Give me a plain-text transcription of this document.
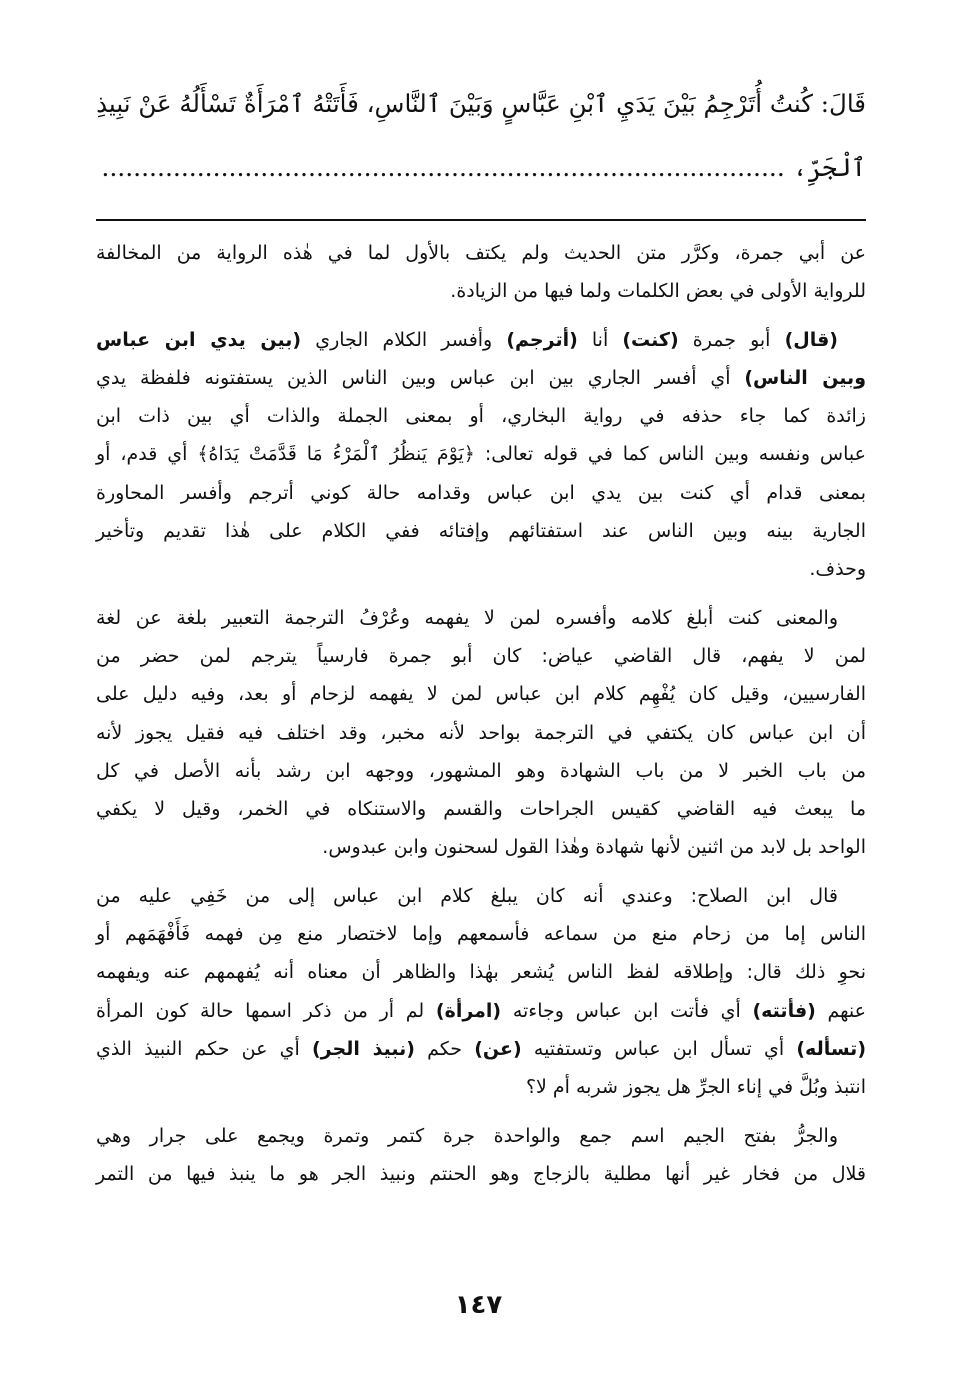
قَالَ: كُنتُ أُتَرْجِمُ بَيْنَ يَدَيِ ٱبْنِ عَبَّاسٍ وَبَيْنَ ٱلنَّاسِ، فَأَتَتْهُ ٱمْرَأَةٌ تَسْأَلُهُ عَنْ نَبِيذِ
ٱلْجَرِّ، ......................................................................................
عن أبي جمرة، وكرَّر متن الحديث ولم يكتف بالأول لما في هٰذه الرواية من المخالفة
للرواية الأولى في بعض الكلمات ولما فيها من الزيادة.
(قال) أبو جمرة (كنت) أنا (أترجم) وأفسر الكلام الجاري (بين يدي ابن عباس
وبين الناس) أي أفسر الجاري بين ابن عباس وبين الناس الذين يستفتونه فلفظة يدي
زائدة كما جاء حذفه في رواية البخاري، أو بمعنى الجملة والذات أي بين ذات ابن
عباس ونفسه وبين الناس كما في قوله تعالى: ﴿يَوْمَ يَنظُرُ ٱلْمَرْءُ مَا قَدَّمَتْ يَدَاهُ﴾ أي قدم، أو
بمعنى قدام أي كنت بين يدي ابن عباس وقدامه حالة كوني أترجم وأفسر المحاورة
الجارية بينه وبين الناس عند استفتائهم وإفتائه ففي الكلام على هٰذا تقديم وتأخير
وحذف.
والمعنى كنت أبلغ كلامه وأفسره لمن لا يفهمه وعُرْفُ الترجمة التعبير بلغة عن لغة
لمن لا يفهم، قال القاضي عياض: كان أبو جمرة فارسياً يترجم لمن حضر من
الفارسيين، وقيل كان يُفْهِم كلام ابن عباس لمن لا يفهمه لزحام أو بعد، وفيه دليل على
أن ابن عباس كان يكتفي في الترجمة بواحد لأنه مخبر، وقد اختلف فيه فقيل يجوز لأنه
من باب الخبر لا من باب الشهادة وهو المشهور، ووجهه ابن رشد بأنه الأصل في كل
ما يبعث فيه القاضي كقيس الجراحات والقسم والاستنكاه في الخمر، وقيل لا يكفي
الواحد بل لابد من اثنين لأنها شهادة وهٰذا القول لسحنون وابن عبدوس.
قال ابن الصلاح: وعندي أنه كان يبلغ كلام ابن عباس إلى من خَفِي عليه من
الناس إما من زحام منع من سماعه فأسمعهم وإما لاختصار منع مِن فهمه فَأَفْهَمَهم أو
نحوِ ذلك قال: وإطلاقه لفظ الناس يُشعر بهٰذا والظاهر أن معناه أنه يُفهمهم عنه ويفهمه
عنهم (فأتته) أي فأتت ابن عباس وجاءته (امرأة) لم أر من ذكر اسمها حالة كون المرأة
(تسأله) أي تسأل ابن عباس وتستفتيه (عن) حكم (نبيذ الجر) أي عن حكم النبيذ الذي
انتبذ وبُلَّ في إناء الجرِّ هل يجوز شربه أم لا؟
والجرُّ بفتح الجيم اسم جمع والواحدة جرة كتمر وتمرة ويجمع على جرار وهي
قلال من فخار غير أنها مطلية بالزجاج وهو الحنتم ونبيذ الجر هو ما ينبذ فيها من التمر
١٤٧
